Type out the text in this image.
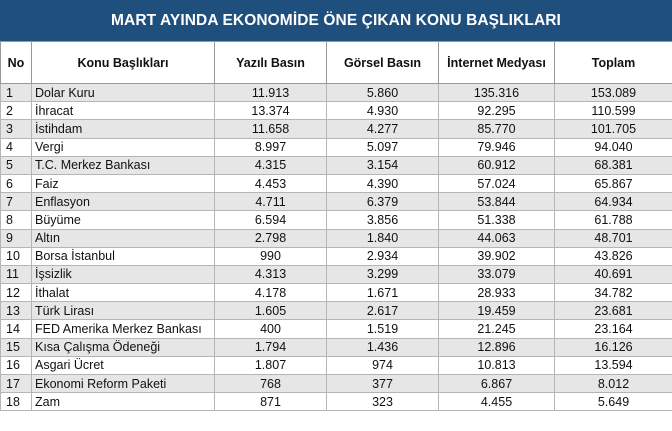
MART AYINDA EKONOMİDE ÖNE ÇIKAN KONU BAŞLIKLARI
No	Konu Başlıkları	Yazılı Basın	Görsel Basın	İnternet Medyası	Toplam
1	Dolar Kuru	11.913	5.860	135.316	153.089
2	İhracat	13.374	4.930	92.295	110.599
3	İstihdam	11.658	4.277	85.770	101.705
4	Vergi	8.997	5.097	79.946	94.040
5	T.C. Merkez Bankası	4.315	3.154	60.912	68.381
6	Faiz	4.453	4.390	57.024	65.867
7	Enflasyon	4.711	6.379	53.844	64.934
8	Büyüme	6.594	3.856	51.338	61.788
9	Altın	2.798	1.840	44.063	48.701
10	Borsa İstanbul	990	2.934	39.902	43.826
11	İşsizlik	4.313	3.299	33.079	40.691
12	İthalat	4.178	1.671	28.933	34.782
13	Türk Lirası	1.605	2.617	19.459	23.681
14	FED Amerika Merkez Bankası	400	1.519	21.245	23.164
15	Kısa Çalışma Ödeneği	1.794	1.436	12.896	16.126
16	Asgari Ücret	1.807	974	10.813	13.594
17	Ekonomi Reform Paketi	768	377	6.867	8.012
18	Zam	871	323	4.455	5.649
